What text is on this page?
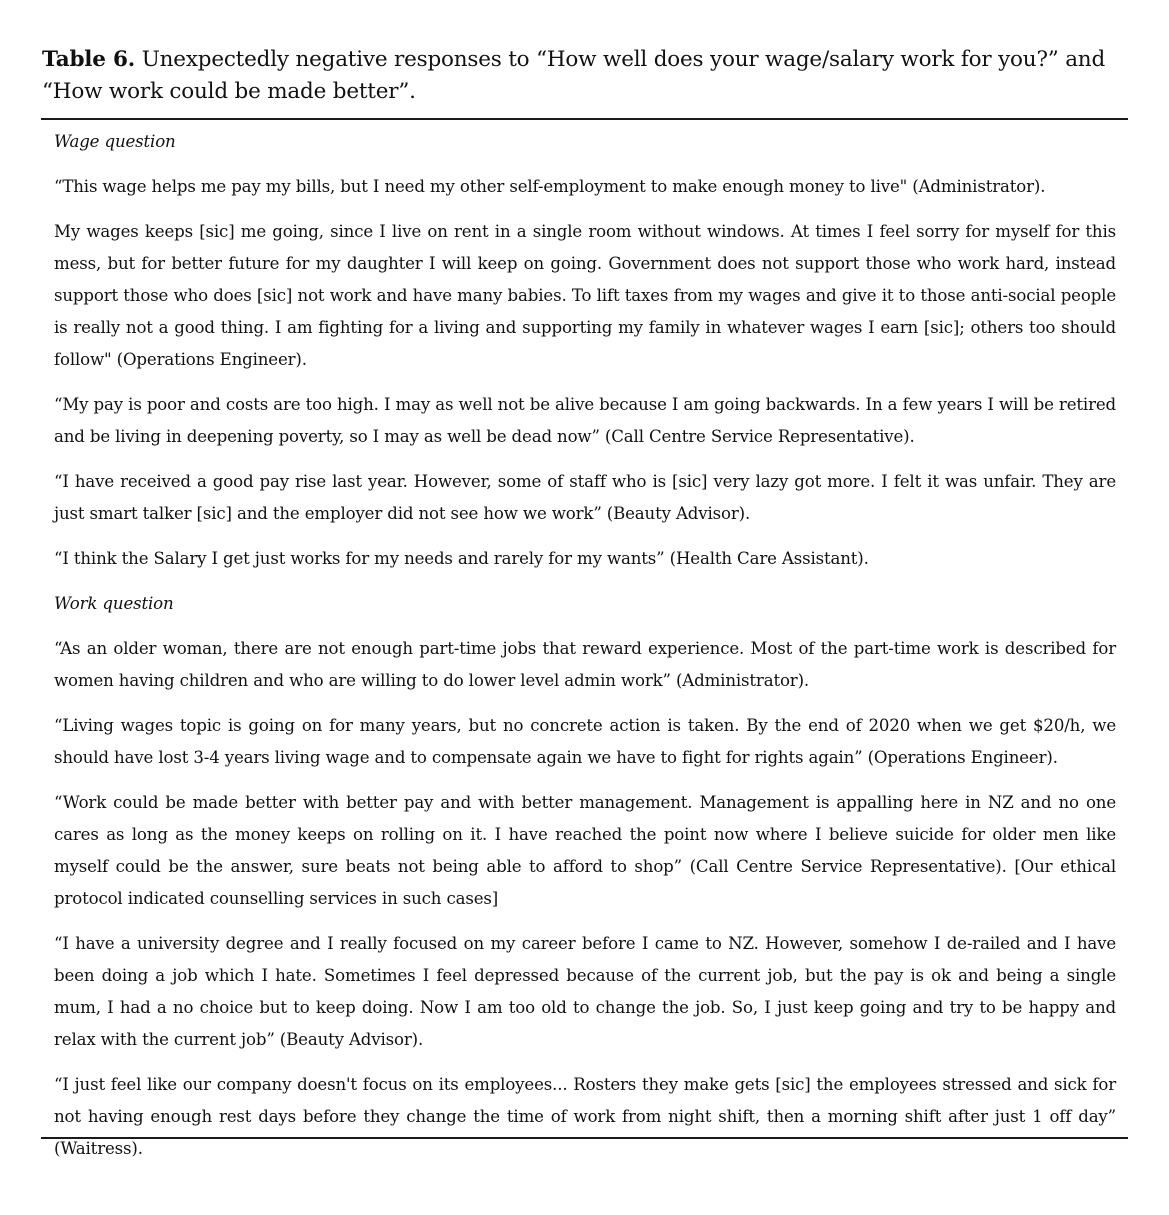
Table 6. Unexpectedly negative responses to “How well does your wage/salary work for you?” and “How work could be made better”.
Wage question

“This wage helps me pay my bills, but I need my other self-employment to make enough money to live" (Administrator).

My wages keeps [sic] me going, since I live on rent in a single room without windows. At times I feel sorry for myself for this mess, but for better future for my daughter I will keep on going. Government does not support those who work hard, instead support those who does [sic] not work and have many babies. To lift taxes from my wages and give it to those anti-social people is really not a good thing. I am fighting for a living and supporting my family in whatever wages I earn [sic]; others too should follow" (Operations Engineer).

“My pay is poor and costs are too high. I may as well not be alive because I am going backwards. In a few years I will be retired and be living in deepening poverty, so I may as well be dead now” (Call Centre Service Representative).

“I have received a good pay rise last year. However, some of staff who is [sic] very lazy got more. I felt it was unfair. They are just smart talker [sic] and the employer did not see how we work” (Beauty Advisor).

“I think the Salary I get just works for my needs and rarely for my wants” (Health Care Assistant).

Work question

“As an older woman, there are not enough part-time jobs that reward experience. Most of the part-time work is described for women having children and who are willing to do lower level admin work” (Administrator).

“Living wages topic is going on for many years, but no concrete action is taken. By the end of 2020 when we get $20/h, we should have lost 3-4 years living wage and to compensate again we have to fight for rights again” (Operations Engineer).

“Work could be made better with better pay and with better management. Management is appalling here in NZ and no one cares as long as the money keeps on rolling on it. I have reached the point now where I believe suicide for older men like myself could be the answer, sure beats not being able to afford to shop” (Call Centre Service Representative). [Our ethical protocol indicated counselling services in such cases]

“I have a university degree and I really focused on my career before I came to NZ. However, somehow I de-railed and I have been doing a job which I hate. Sometimes I feel depressed because of the current job, but the pay is ok and being a single mum, I had a no choice but to keep doing. Now I am too old to change the job. So, I just keep going and try to be happy and relax with the current job” (Beauty Advisor).

“I just feel like our company doesn't focus on its employees... Rosters they make gets [sic] the employees stressed and sick for not having enough rest days before they change the time of work from night shift, then a morning shift after just 1 off day” (Waitress).
